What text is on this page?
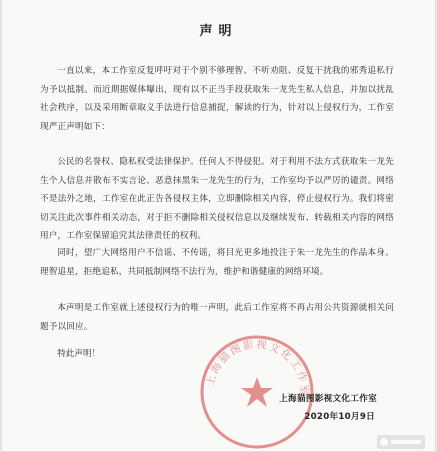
声明

一直以来，本工作室反复呼吁对于个别不够理智、不听劝阻、反复干扰我的邪秀追私行为予以抵制。而近期据媒体曝出，现有以不正当手段获取朱一龙先生私人信息，并加以扰乱社会秩序，以及采用断章取义手法进行信息捕捉，解读的行为，针对以上侵权行为，工作室现严正声明如下：

公民的名誉权、隐私权受法律保护。任何人不得侵犯。对于利用不法方式获取朱一龙先生个人信息并散布不实言论、恶意抹黑朱一龙先生的行为，工作室均予以严厉的谴责。网络不是法外之地，工作室在此正告各侵权主体，立即删除相关内容，停止侵权行为。我们将密切关注此次事件相关动态，对于拒不删除相关侵权信息以及继续发布、转载相关内容的网络用户，工作室保留追究其法律责任的权利。

同时，望广大网络用户不信谣、不传谣，将目光更多地投注于朱一龙先生的作品本身。理智追星，拒绝追私，共同抵制网络不法行为，维护和谐健康的网络环境。

本声明是工作室就上述侵权行为的唯一声明，此后工作室将不再占用公共资源就相关问题予以回应。

特此声明！

上海猫图影视文化工作室

上海猫图影视文化工作室

2020年10月9日
